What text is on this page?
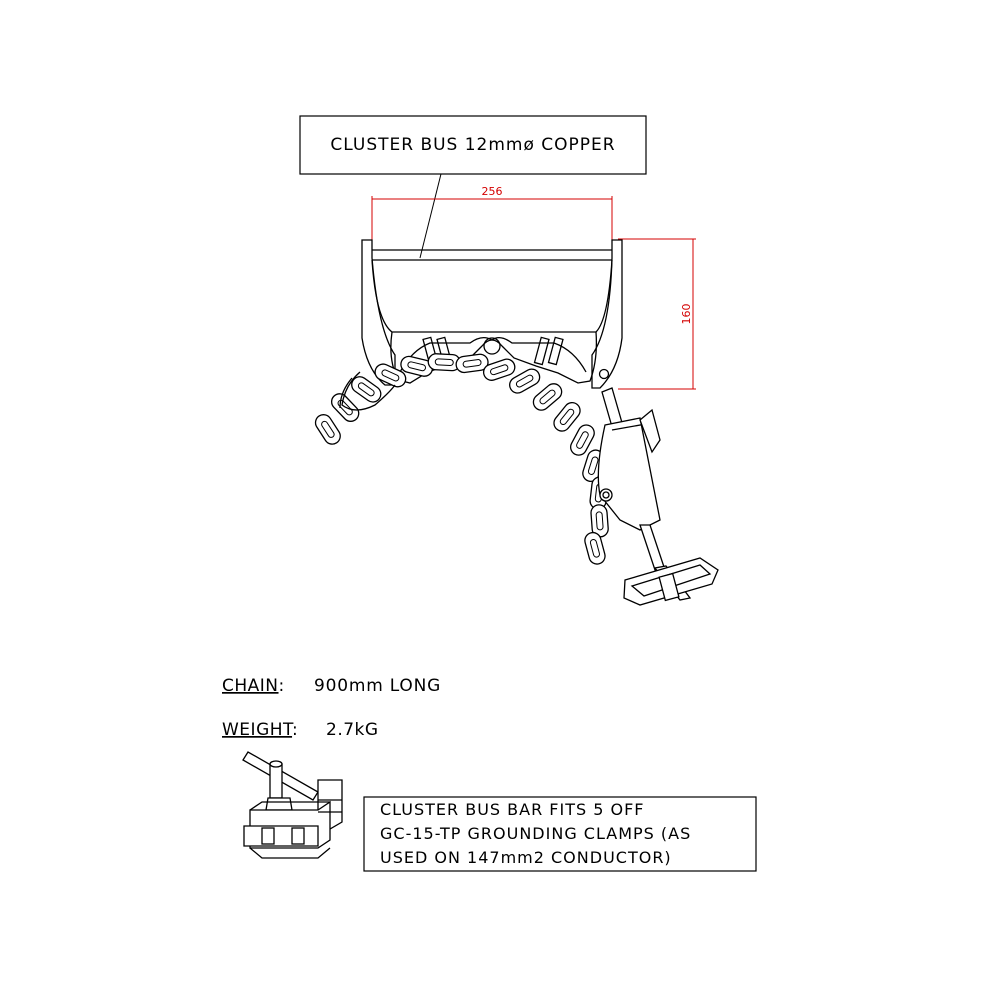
CLUSTER BUS 12mmø COPPER
256
160
CHAIN: 900mm LONG
WEIGHT: 2.7kG
CLUSTER BUS BAR FITS 5 OFF
GC-15-TP GROUNDING CLAMPS (AS
USED ON 147mm2 CONDUCTOR)
